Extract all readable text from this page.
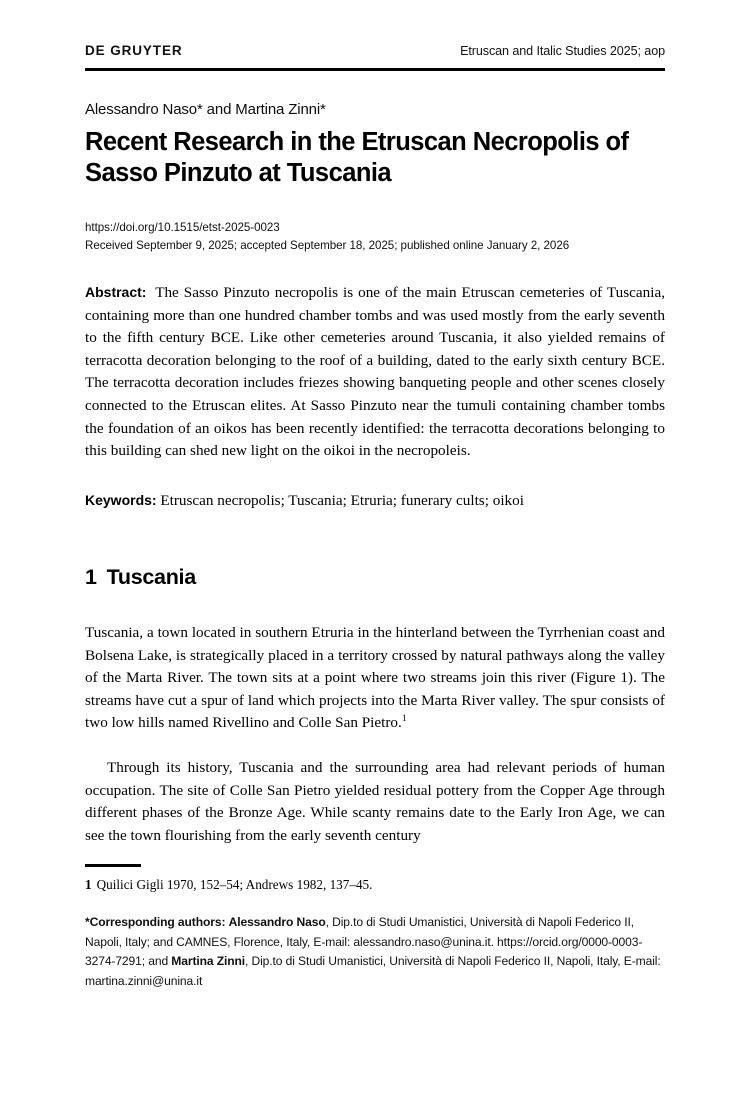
DE GRUYTER	Etruscan and Italic Studies 2025; aop
Alessandro Naso* and Martina Zinni*
Recent Research in the Etruscan Necropolis of Sasso Pinzuto at Tuscania
https://doi.org/10.1515/etst-2025-0023
Received September 9, 2025; accepted September 18, 2025; published online January 2, 2026

Abstract: The Sasso Pinzuto necropolis is one of the main Etruscan cemeteries of Tuscania, containing more than one hundred chamber tombs and was used mostly from the early seventh to the fifth century BCE. Like other cemeteries around Tuscania, it also yielded remains of terracotta decoration belonging to the roof of a building, dated to the early sixth century BCE. The terracotta decoration includes friezes showing banqueting people and other scenes closely connected to the Etruscan elites. At Sasso Pinzuto near the tumuli containing chamber tombs the foundation of an oikos has been recently identified: the terracotta decorations belonging to this building can shed new light on the oikoi in the necropoleis.

Keywords: Etruscan necropolis; Tuscania; Etruria; funerary cults; oikoi

1 Tuscania

Tuscania, a town located in southern Etruria in the hinterland between the Tyrrhenian coast and Bolsena Lake, is strategically placed in a territory crossed by natural pathways along the valley of the Marta River. The town sits at a point where two streams join this river (Figure 1). The streams have cut a spur of land which projects into the Marta River valley. The spur consists of two low hills named Rivellino and Colle San Pietro.$^1$

Through its history, Tuscania and the surrounding area had relevant periods of human occupation. The site of Colle San Pietro yielded residual pottery from the Copper Age through different phases of the Bronze Age. While scanty remains date to the Early Iron Age, we can see the town flourishing from the early seventh century

1 Quilici Gigli 1970, 152–54; Andrews 1982, 137–45.

*Corresponding authors: Alessandro Naso, Dip.to di Studi Umanistici, Università di Napoli Federico II, Napoli, Italy; and CAMNES, Florence, Italy, E-mail: alessandro.naso@unina.it. https://orcid.org/0000-0003-3274-7291; and Martina Zinni, Dip.to di Studi Umanistici, Università di Napoli Federico II, Napoli, Italy, E-mail: martina.zinni@unina.it
